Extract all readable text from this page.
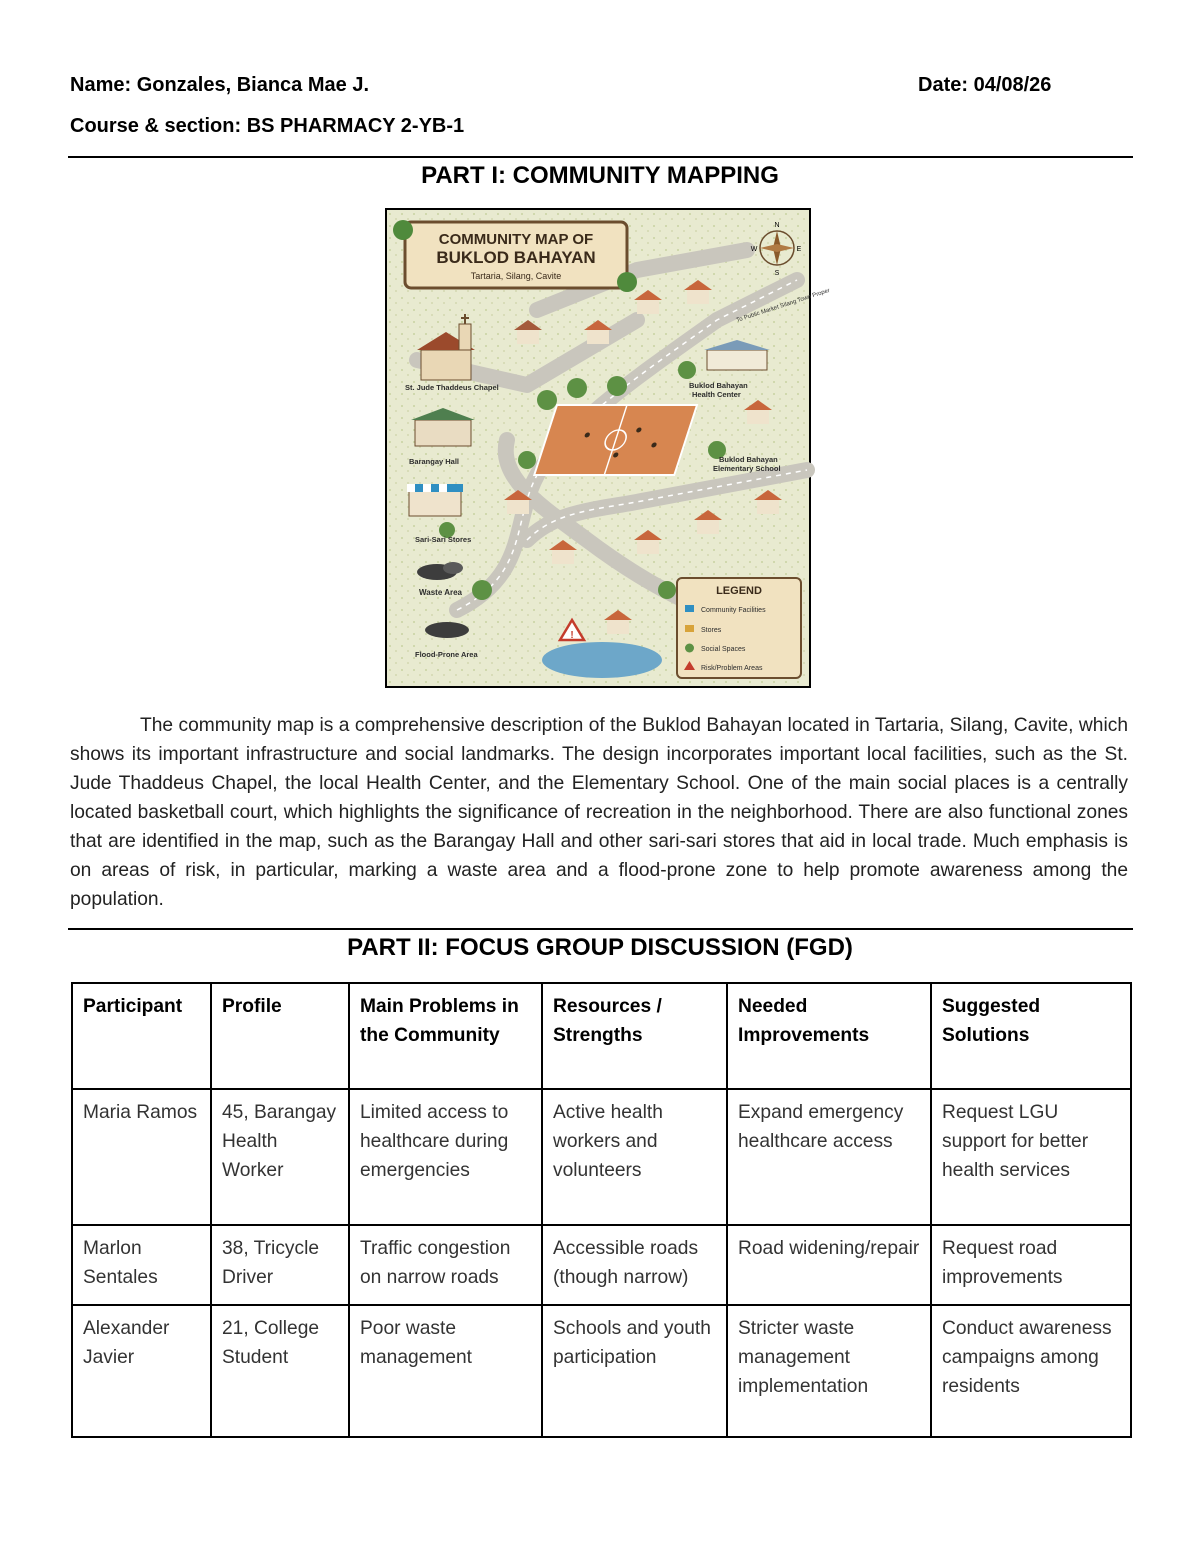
Name: Gonzales, Bianca Mae J.	Date: 04/08/26
Course & section: BS PHARMACY 2-YB-1
PART I: COMMUNITY MAPPING
COMMUNITY MAP OF
BUKLOD BAHAYAN
Tartaria, Silang, Cavite
N
E
S
W
To Public Market Silang Town Proper
St. Jude Thaddeus Chapel	Buklod Bahayan
Health Center
Barangay Hall	Buklod Bahayan
Elementary School
Sari-Sari Stores
Waste Area
!
Flood-Prone Area
LEGEND
Community Facilities
Stores
Social Spaces
Risk/Problem Areas
The community map is a comprehensive description of the Buklod Bahayan located in Tartaria, Silang, Cavite, which shows its important infrastructure and social landmarks. The design incorporates important local facilities, such as the St. Jude Thaddeus Chapel, the local Health Center, and the Elementary School. One of the main social places is a centrally located basketball court, which highlights the significance of recreation in the neighborhood. There are also functional zones that are identified in the map, such as the Barangay Hall and other sari-sari stores that aid in local trade. Much emphasis is on areas of risk, in particular, marking a waste area and a flood-prone zone to help promote awareness among the population.
PART II: FOCUS GROUP DISCUSSION (FGD)
Participant	Profile	Main Problems in the Community	Resources / Strengths	Needed Improvements	Suggested Solutions
Maria Ramos	45, Barangay Health Worker	Limited access to healthcare during emergencies	Active health workers and volunteers	Expand emergency healthcare access	Request LGU support for better health services
Marlon Sentales	38, Tricycle Driver	Traffic congestion on narrow roads	Accessible roads (though narrow)	Road widening/repair	Request road improvements
Alexander Javier	21, College Student	Poor waste management	Schools and youth participation	Stricter waste management implementation	Conduct awareness campaigns among residents
